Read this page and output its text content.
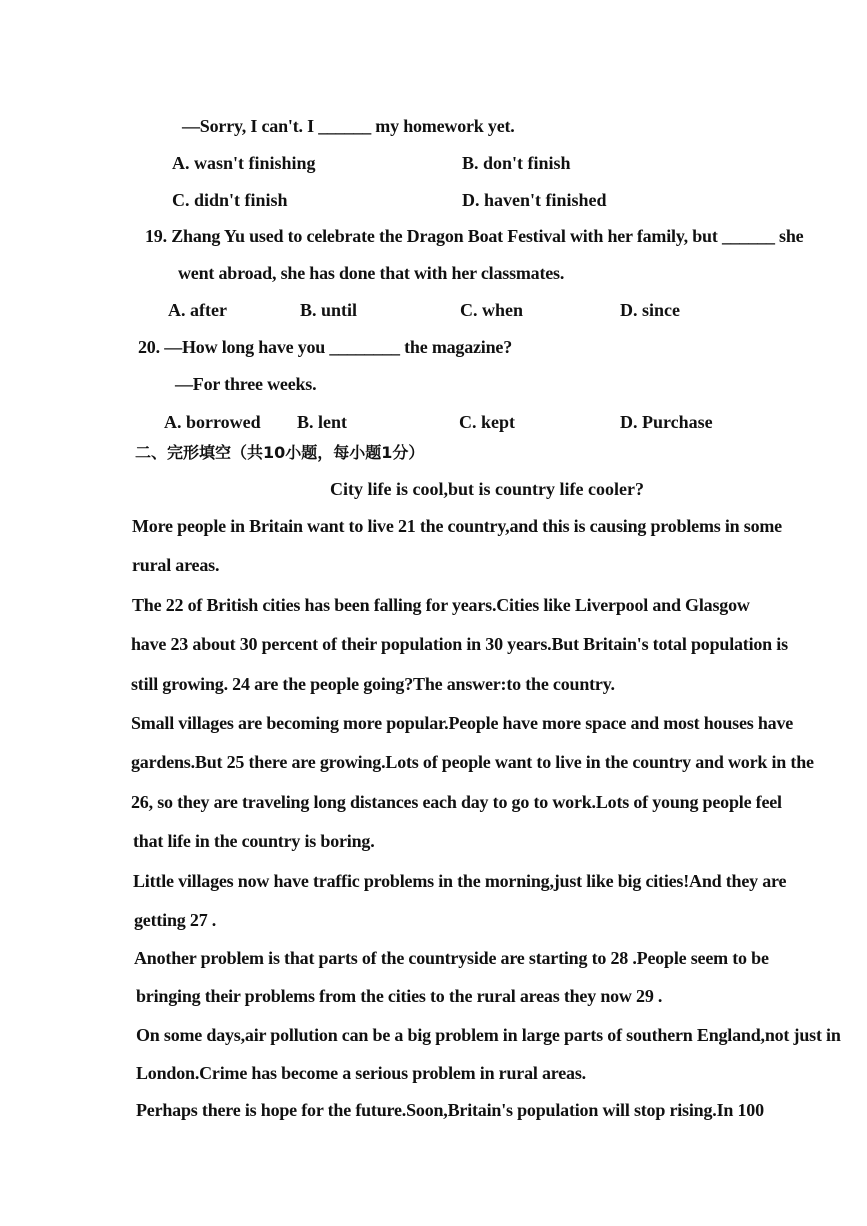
—Sorry, I can't. I ______ my homework yet.
A. wasn't finishing	B. don't finish
C. didn't finish	D. haven't finished
19. Zhang Yu used to celebrate the Dragon Boat Festival with her family, but ______ she
went abroad, she has done that with her classmates.
A. after	B. until	C. when	D. since
20. —How long have you ________ the magazine?
—For three weeks.
A. borrowed B. lent	C. kept	D. Purchase
二、完形填空（共10小题，每小题1分）
City life is cool,but is country life cooler?
More people in Britain want to live 21 the country,and this is causing problems in some
rural areas.
The 22 of British cities has been falling for years.Cities like Liverpool and Glasgow
have 23 about 30 percent of their population in 30 years.But Britain's total population is
still growing. 24 are the people going?The answer:to the country.
Small villages are becoming more popular.People have more space and most houses have
gardens.But 25 there are growing.Lots of people want to live in the country and work in the
26, so they are traveling long distances each day to go to work.Lots of young people feel
that life in the country is boring.
Little villages now have traffic problems in the morning,just like big cities!And they are
getting 27 .
Another problem is that parts of the countryside are starting to 28 .People seem to be
bringing their problems from the cities to the rural areas they now 29 .
On some days,air pollution can be a big problem in large parts of southern England,not just in
London.Crime has become a serious problem in rural areas.
Perhaps there is hope for the future.Soon,Britain's population will stop rising.In 100
